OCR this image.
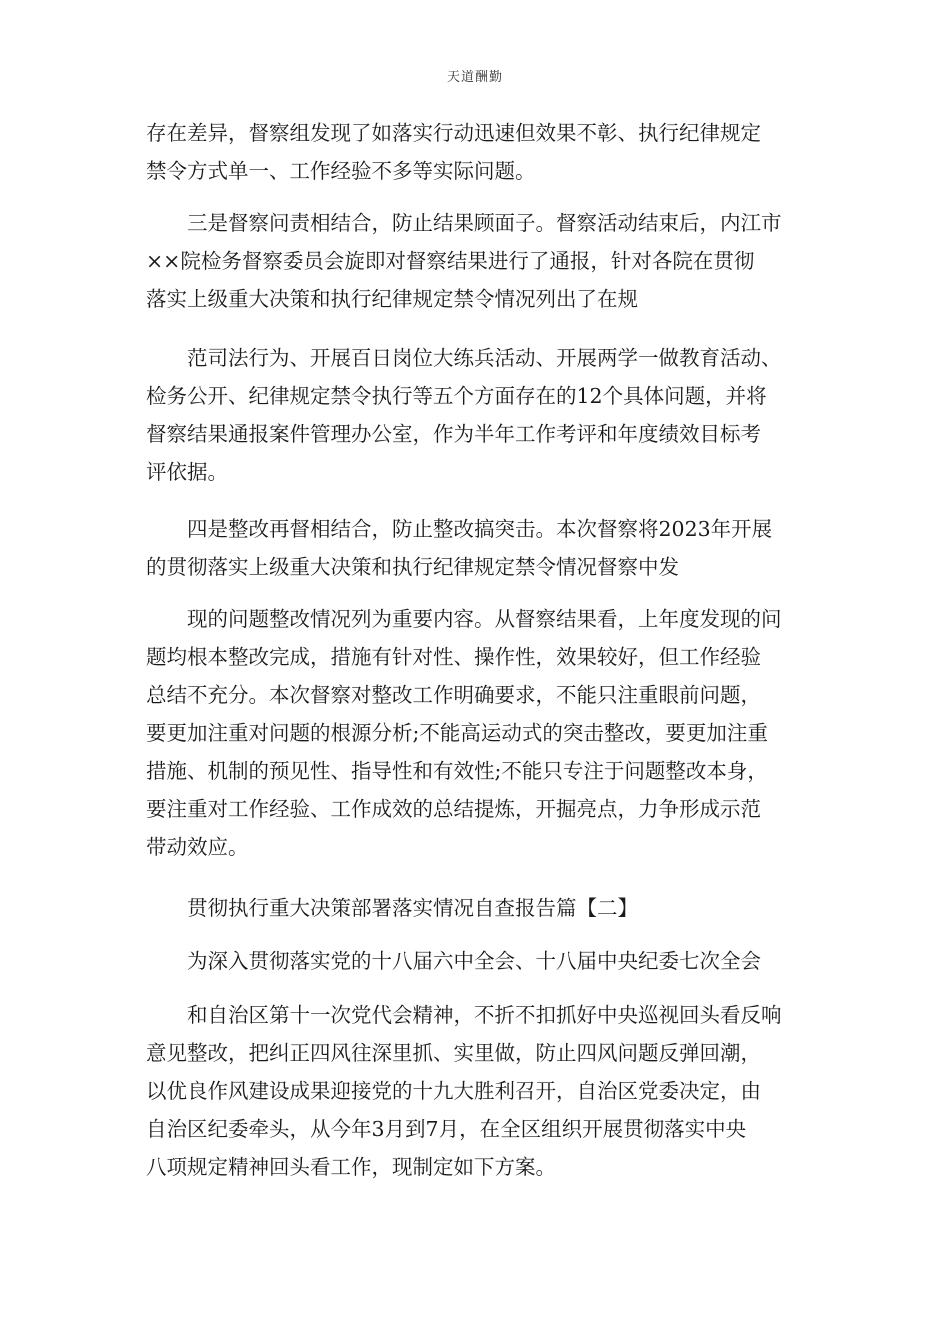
天道酬勤

存在差异，督察组发现了如落实行动迅速但效果不彰、执行纪律规定

禁令方式单一、工作经验不多等实际问题。

三是督察问责相结合，防止结果顾面子。督察活动结束后，内江市

××院检务督察委员会旋即对督察结果进行了通报，针对各院在贯彻

落实上级重大决策和执行纪律规定禁令情况列出了在规

范司法行为、开展百日岗位大练兵活动、开展两学一做教育活动、

检务公开、纪律规定禁令执行等五个方面存在的12个具体问题，并将

督察结果通报案件管理办公室，作为半年工作考评和年度绩效目标考

评依据。

四是整改再督相结合，防止整改搞突击。本次督察将2023年开展

的贯彻落实上级重大决策和执行纪律规定禁令情况督察中发

现的问题整改情况列为重要内容。从督察结果看，上年度发现的问

题均根本整改完成，措施有针对性、操作性，效果较好，但工作经验

总结不充分。本次督察对整改工作明确要求，不能只注重眼前问题，

要更加注重对问题的根源分析;不能高运动式的突击整改，要更加注重

措施、机制的预见性、指导性和有效性;不能只专注于问题整改本身，

要注重对工作经验、工作成效的总结提炼，开掘亮点，力争形成示范

带动效应。

贯彻执行重大决策部署落实情况自查报告篇【二】

为深入贯彻落实党的十八届六中全会、十八届中央纪委七次全会

和自治区第十一次党代会精神，不折不扣抓好中央巡视回头看反响

意见整改，把纠正四风往深里抓、实里做，防止四风问题反弹回潮，

以优良作风建设成果迎接党的十九大胜利召开，自治区党委决定，由

自治区纪委牵头，从今年3月到7月，在全区组织开展贯彻落实中央

八项规定精神回头看工作，现制定如下方案。
